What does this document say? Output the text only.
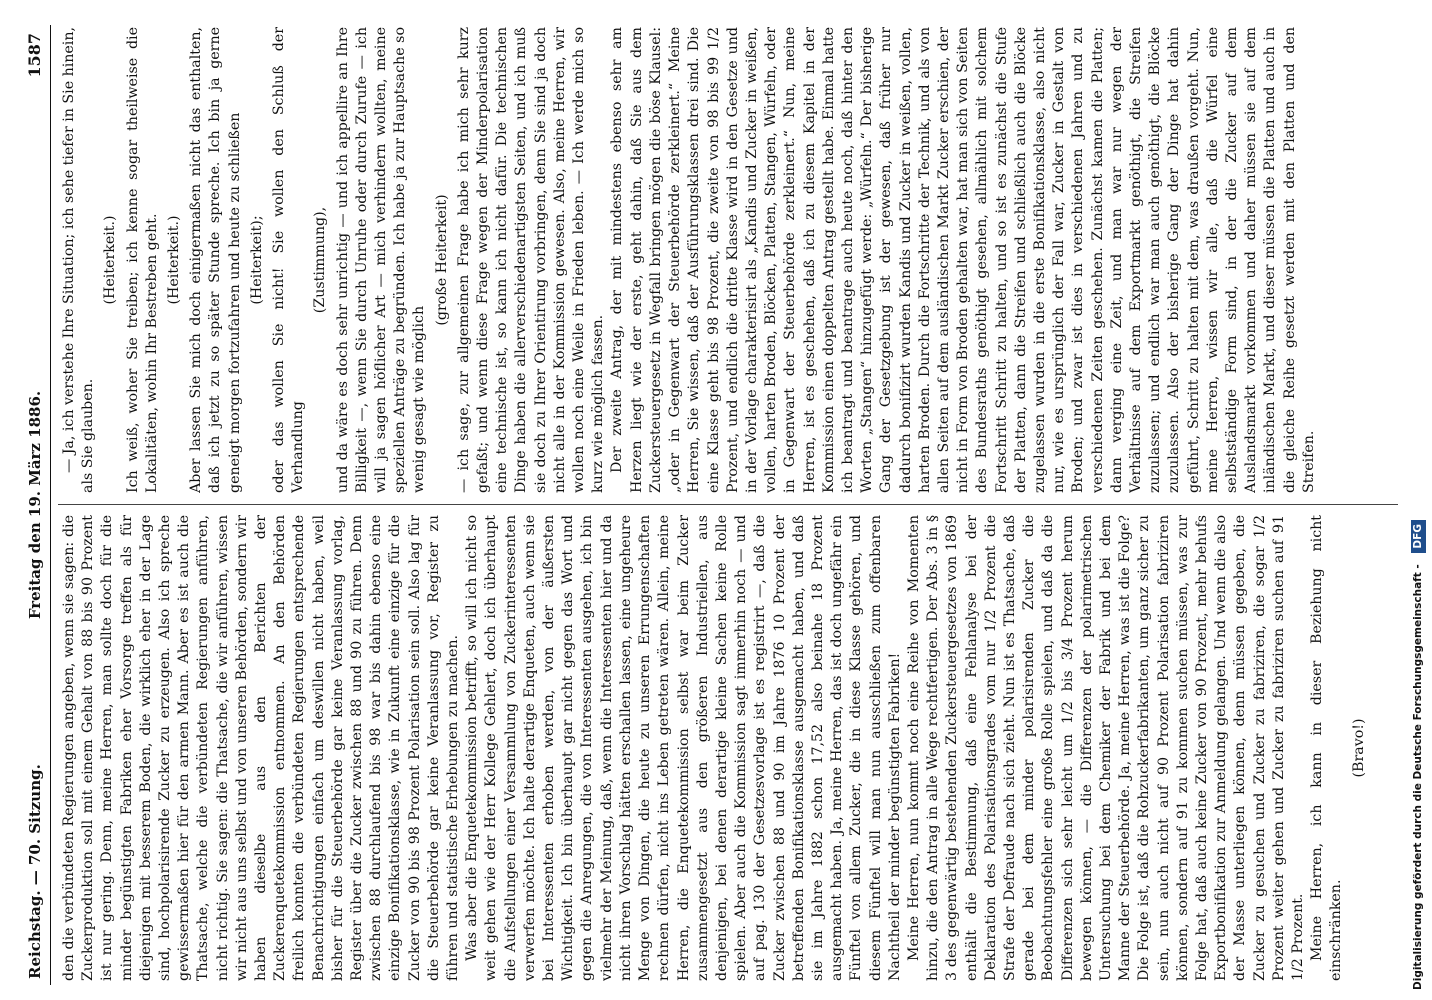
Reichstag. — 70. Sitzung.
Freitag den 19. März 1886.
1587

den die verbündeten Regierungen angeben, wenn sie sagen: die Zuckerproduktion soll mit einem Gehalt von 88 bis 90 Prozent ist nur gering. Denn, meine Herren, man sollte doch für die minder begünstigten Fabriken eher Vorsorge treffen als für diejenigen mit besserem Boden, die wirklich eher in der Lage sind, hochpolarisirende Zucker zu erzeugen. Also ich spreche gewissermaßen hier für den armen Mann. Aber es ist auch die Thatsache, welche die verbündeten Regierungen anführen, nicht richtig. Sie sagen: die Thatsache, die wir anführen, wissen wir nicht aus uns selbst und von unseren Behörden, sondern wir haben dieselbe aus den Berichten der Zuckerenquetekommission entnommen. An den Behörden freilich konnten die verbündeten Regierungen entsprechende Benachrichtigungen einfach um deswillen nicht haben, weil bisher für die Steuerbehörde gar keine Veranlassung vorlag, Register über die Zucker zwischen 88 und 90 zu führen. Denn zwischen 88 durchlaufend bis 98 war bis dahin ebenso eine einzige Bonifikationsklasse, wie in Zukunft eine einzige für die Zucker von 90 bis 98 Prozent Polarisation sein soll. Also lag für die Steuerbehörde gar keine Veranlassung vor, Register zu führen und statistische Erhebungen zu machen. Was aber die Enquetekommission betrifft, so will ich nicht so weit gehen wie der Herr Kollege Gehlert, doch ich überhaupt die Aufstellungen einer Versammlung von Zuckerinteressenten verwerfen möchte. Ich halte derartige Enqueten, auch wenn sie bei Interessenten erhoben werden, von der äußersten Wichtigkeit. Ich bin überhaupt gar nicht gegen das Wort und gegen die Anregungen, die von Interessenten ausgehen, ich bin vielmehr der Meinung, daß, wenn die Interessenten hier und da nicht ihren Vorschlag hätten erschallen lassen, eine ungeheure Menge von Dingen, die heute zu unseren Errungenschaften rechnen dürfen, nicht ins Leben getreten wären. Allein, meine Herren, die Enquetekommission selbst war beim Zucker zusammengesetzt aus den größeren Industriellen, aus denjenigen, bei denen derartige kleine Sachen keine Rolle spielen. Aber auch die Kommission sagt immerhin noch — und auf pag. 130 der Gesetzesvorlage ist es registrirt —, daß die Zucker zwischen 88 und 90 im Jahre 1876 10 Prozent der betreffenden Bonifikationsklasse ausgemacht haben, und daß sie im Jahre 1882 schon 17,52 also beinahe 18 Prozent ausgemacht haben. Ja, meine Herren, das ist doch ungefähr ein Fünftel von allem Zucker, die in diese Klasse gehören, und diesem Fünftel will man nun ausschließen zum offenbaren Nachtheil der minder begünstigten Fabriken! Meine Herren, nun kommt noch eine Reihe von Momenten hinzu, die den Antrag in alle Wege rechtfertigen. Der Abs. 3 in § 3 des gegenwärtig bestehenden Zuckersteuergesetzes von 1869 enthält die Bestimmung, daß eine Fehlanalyse bei der Deklaration des Polarisationsgrades vom nur 1/2 Prozent die Strafe der Defraude nach sich zieht. Nun ist es Thatsache, daß gerade bei dem minder polarisirenden Zucker die Beobachtungsfehler eine große Rolle spielen, und daß da die Differenzen sich sehr leicht um 1/2 bis 3/4 Prozent herum bewegen können, — die Differenzen der polarimetrischen Untersuchung bei dem Chemiker der Fabrik und bei dem Manne der Steuerbehörde. Ja, meine Herren, was ist die Folge? Die Folge ist, daß die Rohzuckerfabrikanten, um ganz sicher zu sein, nun auch nicht auf 90 Prozent Polarisation fabriziren können, sondern auf 91 zu kommen suchen müssen, was zur Folge hat, daß auch keine Zucker von 90 Prozent, mehr behufs Exportbonifikation zur Anmeldung gelangen. Und wenn die also der Masse unterliegen können, denn müssen gegeben, die Zucker zu gesuchen und Zucker zu fabriziren, die sogar 1/2 Prozent weiter gehen und Zucker zu fabriziren suchen auf 91 1/2 Prozent. Meine Herren, ich kann in dieser Beziehung nicht einschränken.

(Bravo!)

— Ja, ich verstehe Ihre Situation; ich sehe tiefer in Sie hinein, als Sie glauben.

(Heiterkeit.) Ich weiß, woher Sie treiben; ich kenne sogar theilweise die Lokalitäten, wohin Ihr Bestreben geht. (Heiterkeit.) Aber lassen Sie mich doch einigermaßen nicht das enthalten, daß ich jetzt zu so später Stunde spreche. Ich bin ja gerne geneigt morgen fortzufahren und heute zu schließen (Heiterkeit); oder das wollen Sie nicht! Sie wollen den Schluß der Verhandlung

(Zustimmung), und da wäre es doch sehr unrichtig — und ich appellire an Ihre Billigkeit —, wenn Sie durch Unruhe oder durch Zurufe — ich will ja sagen höflicher Art — mich verhindern wollten, meine speziellen Anträge zu begründen. Ich habe ja zur Hauptsache so wenig gesagt wie möglich

(große Heiterkeit) — ich sage, zur allgemeinen Frage habe ich mich sehr kurz gefaßt; und wenn diese Frage wegen der Minderpolarisation eine technische ist, so kann ich nicht dafür. Die technischen Dinge haben die allerverschiedenartigsten Seiten, und ich muß sie doch zu Ihrer Orientirung vorbringen, denn Sie sind ja doch nicht alle in der Kommission gewesen. Also, meine Herren, wir wollen noch eine Weile in Frieden leben. — Ich werde mich so kurz wie möglich fassen. Der zweite Antrag, der mit mindestens ebenso sehr am Herzen liegt wie der erste, geht dahin, daß Sie aus dem Zuckersteuergesetz in Wegfall bringen mögen die böse Klausel: „oder in Gegenwart der Steuerbehörde zerkleinert.“ Meine Herren, Sie wissen, daß der Ausführungsklassen drei sind. Die eine Klasse geht bis 98 Prozent, die zweite von 98 bis 99 1/2 Prozent, und endlich die dritte Klasse wird in den Gesetze und in der Vorlage charakterisirt als „Kandis und Zucker in weißen, vollen, harten Broden, Blöcken, Platten, Stangen, Würfeln, oder in Gegenwart der Steuerbehörde zerkleinert.“ Nun, meine Herren, ist es geschehen, daß ich zu diesem Kapitel in der Kommission einen doppelten Antrag gestellt habe. Einmal hatte ich beantragt und beantrage auch heute noch, daß hinter den Worten „Stangen“ hinzugefügt werde: „Würfeln.“ Der bisherige Gang der Gesetzgebung ist der gewesen, daß früher nur dadurch bonifizirt wurden Kandis und Zucker in weißen, vollen, harten Broden. Durch die Fortschritte der Technik, und als von allen Seiten auf dem ausländischen Markt Zucker erschien, der nicht in Form von Broden gehalten war, hat man sich von Seiten des Bundesraths genöthigt gesehen, allmählich mit solchem Fortschritt Schritt zu halten, und so ist es zunächst die Stufe der Platten, dann die Streifen und schließlich auch die Blöcke zugelassen wurden in die erste Bonifikationsklasse, also nicht nur, wie es ursprünglich der Fall war, Zucker in Gestalt von Broden; und zwar ist dies in verschiedenen Jahren und zu verschiedenen Zeiten geschehen. Zunächst kamen die Platten; dann verging eine Zeit, und man war nur wegen der Verhältnisse auf dem Exportmarkt genöthigt, die Streifen zuzulassen; und endlich war man auch genöthigt, die Blöcke zuzulassen. Also der bisherige Gang der Dinge hat dahin geführt, Schritt zu halten mit dem, was draußen vorgeht. Nun, meine Herren, wissen wir alle, daß die Würfel eine selbstständige Form sind, in der die Zucker auf dem Auslandsmarkt vorkommen und daher müssen sie auf dem inländischen Markt, und dieser müssen die Platten und auch in die gleiche Reihe gesetzt werden mit den Platten und den Streifen.

Digitalisierung gefördert durch die Deutsche Forschungsgemeinschaft - DFG
